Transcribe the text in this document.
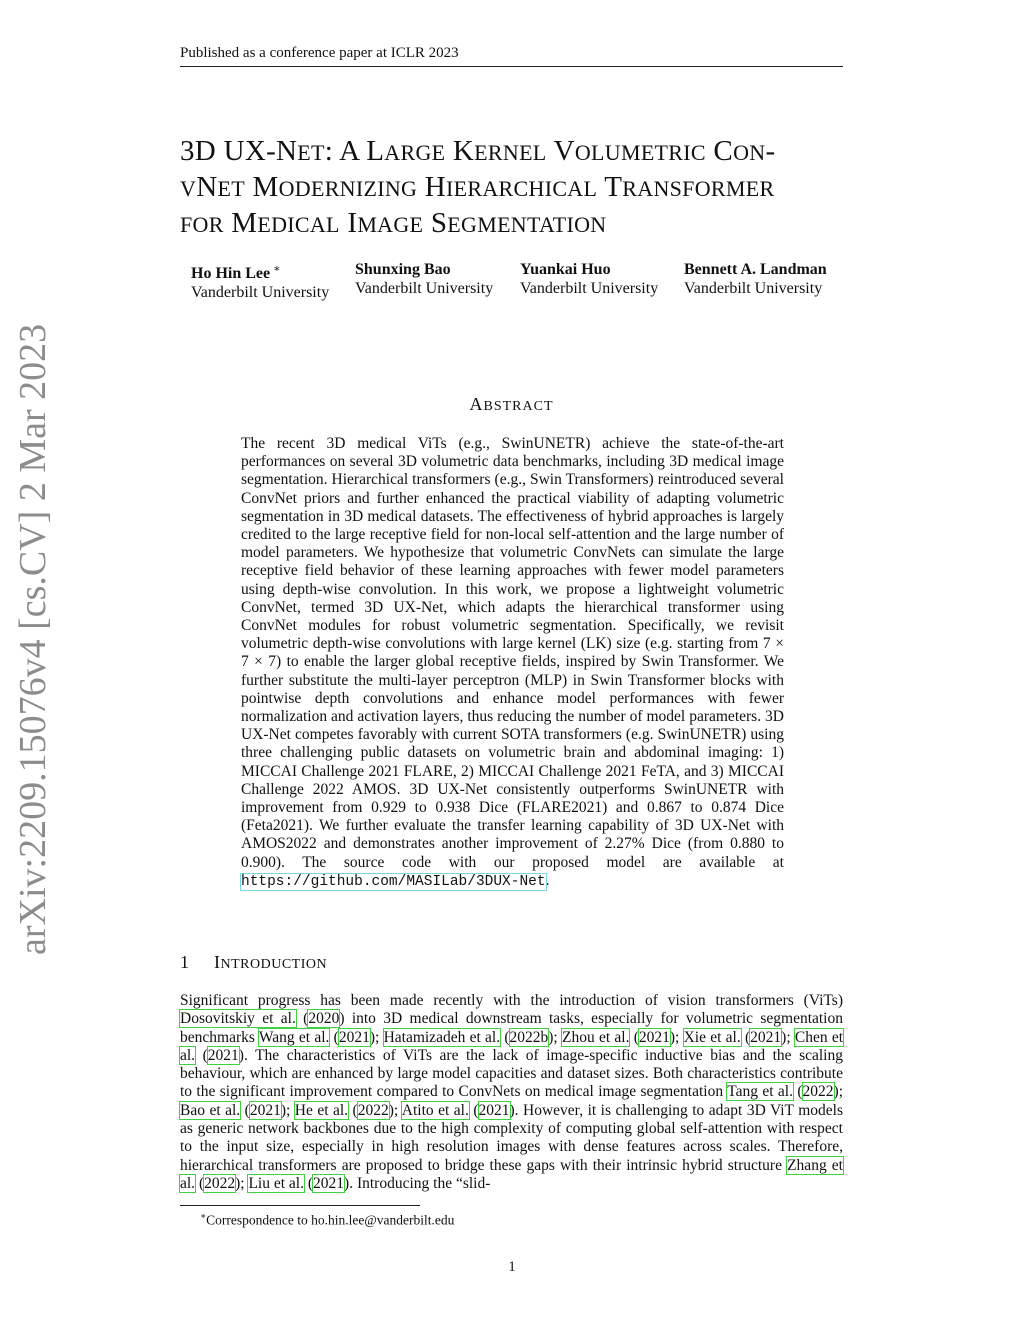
Published as a conference paper at ICLR 2023
arXiv:2209.15076v4 [cs.CV] 2 Mar 2023
3D UX-NET: A LARGE KERNEL VOLUMETRIC CON-
VNET MODERNIZING HIERARCHICAL TRANSFORMER
FOR MEDICAL IMAGE SEGMENTATION
Ho Hin Lee ∗
Vanderbilt University
Shunxing Bao
Vanderbilt University
Yuankai Huo
Vanderbilt University
Bennett A. Landman
Vanderbilt University
ABSTRACT
The recent 3D medical ViTs (e.g., SwinUNETR) achieve the state-of-the-art performances on several 3D volumetric data benchmarks, including 3D medical image segmentation. Hierarchical transformers (e.g., Swin Transformers) reintroduced several ConvNet priors and further enhanced the practical viability of adapting volumetric segmentation in 3D medical datasets. The effectiveness of hybrid approaches is largely credited to the large receptive field for non-local self-attention and the large number of model parameters. We hypothesize that volumetric ConvNets can simulate the large receptive field behavior of these learning approaches with fewer model parameters using depth-wise convolution. In this work, we propose a lightweight volumetric ConvNet, termed 3D UX-Net, which adapts the hierarchical transformer using ConvNet modules for robust volumetric segmentation. Specifically, we revisit volumetric depth-wise convolutions with large kernel (LK) size (e.g. starting from 7 × 7 × 7) to enable the larger global receptive fields, inspired by Swin Transformer. We further substitute the multi-layer perceptron (MLP) in Swin Transformer blocks with pointwise depth convolutions and enhance model performances with fewer normalization and activation layers, thus reducing the number of model parameters. 3D UX-Net competes favorably with current SOTA transformers (e.g. SwinUNETR) using three challenging public datasets on volumetric brain and abdominal imaging: 1) MICCAI Challenge 2021 FLARE, 2) MICCAI Challenge 2021 FeTA, and 3) MICCAI Challenge 2022 AMOS. 3D UX-Net consistently outperforms SwinUNETR with improvement from 0.929 to 0.938 Dice (FLARE2021) and 0.867 to 0.874 Dice (Feta2021). We further evaluate the transfer learning capability of 3D UX-Net with AMOS2022 and demonstrates another improvement of 2.27% Dice (from 0.880 to 0.900). The source code with our proposed model are available at https://github.com/MASILab/3DUX-Net.
1 INTRODUCTION
Significant progress has been made recently with the introduction of vision transformers (ViTs) Dosovitskiy et al. (2020) into 3D medical downstream tasks, especially for volumetric segmentation benchmarks Wang et al. (2021); Hatamizadeh et al. (2022b); Zhou et al. (2021); Xie et al. (2021); Chen et al. (2021). The characteristics of ViTs are the lack of image-specific inductive bias and the scaling behaviour, which are enhanced by large model capacities and dataset sizes. Both characteristics contribute to the significant improvement compared to ConvNets on medical image segmentation Tang et al. (2022); Bao et al. (2021); He et al. (2022); Atito et al. (2021). However, it is challenging to adapt 3D ViT models as generic network backbones due to the high complexity of computing global self-attention with respect to the input size, especially in high resolution images with dense features across scales. Therefore, hierarchical transformers are proposed to bridge these gaps with their intrinsic hybrid structure Zhang et al. (2022); Liu et al. (2021). Introducing the “slid-
∗Correspondence to ho.hin.lee@vanderbilt.edu
1
